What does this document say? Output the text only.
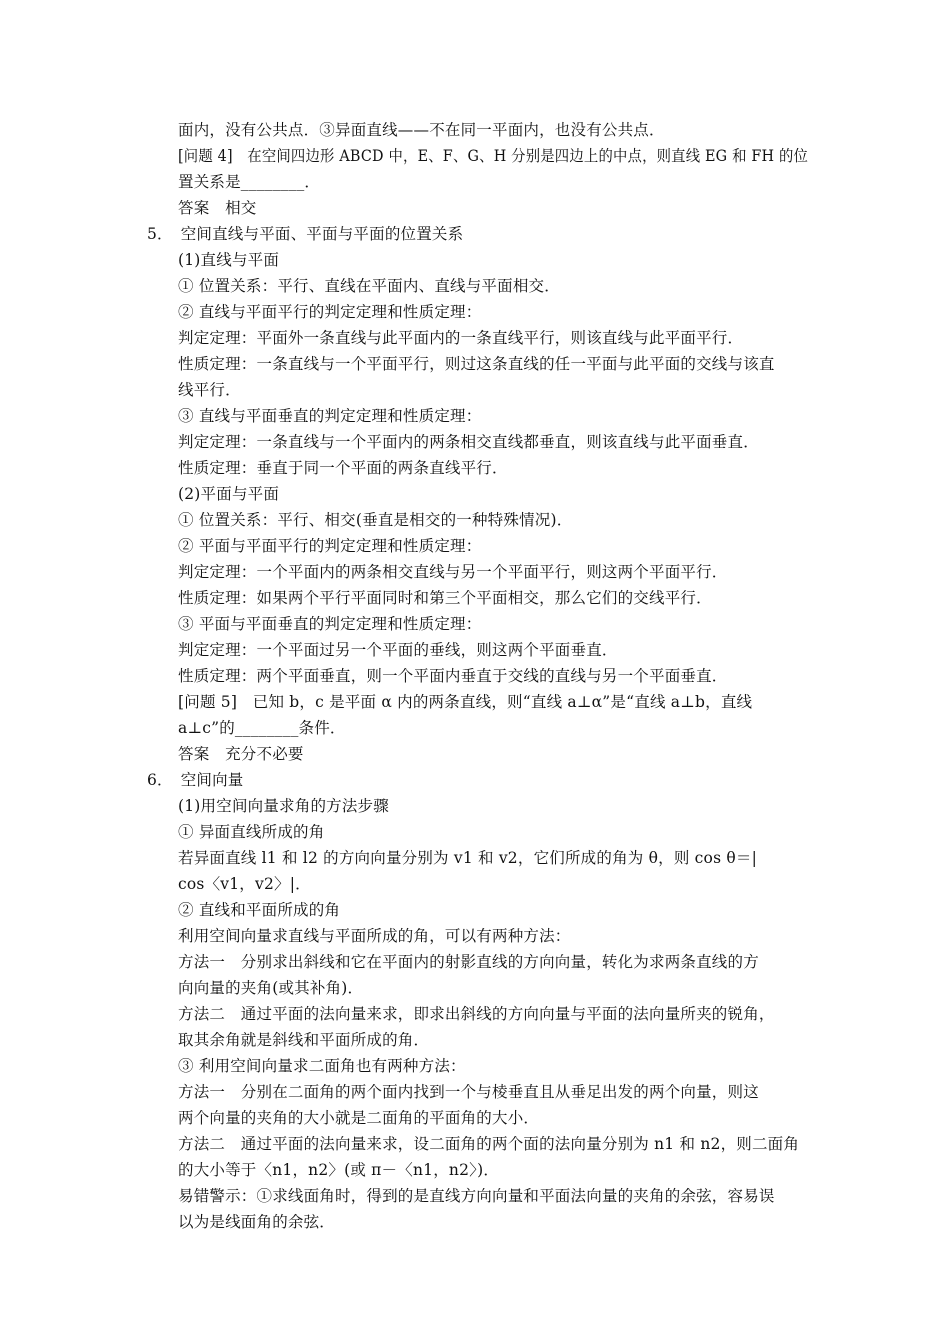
面内，没有公共点．③异面直线——不在同一平面内，也没有公共点．
[问题 4]　在空间四边形 ABCD 中，E、F、G、H 分别是四边上的中点，则直线 EG 和 FH 的位
置关系是________．
答案　相交
5．　空间直线与平面、平面与平面的位置关系
(1)直线与平面
① 位置关系：平行、直线在平面内、直线与平面相交．
② 直线与平面平行的判定定理和性质定理：
判定定理：平面外一条直线与此平面内的一条直线平行，则该直线与此平面平行．
性质定理：一条直线与一个平面平行，则过这条直线的任一平面与此平面的交线与该直
线平行．
③ 直线与平面垂直的判定定理和性质定理：
判定定理：一条直线与一个平面内的两条相交直线都垂直，则该直线与此平面垂直．
性质定理：垂直于同一个平面的两条直线平行．
(2)平面与平面
① 位置关系：平行、相交(垂直是相交的一种特殊情况)．
② 平面与平面平行的判定定理和性质定理：
判定定理：一个平面内的两条相交直线与另一个平面平行，则这两个平面平行．
性质定理：如果两个平行平面同时和第三个平面相交，那么它们的交线平行．
③ 平面与平面垂直的判定定理和性质定理：
判定定理：一个平面过另一个平面的垂线，则这两个平面垂直．
性质定理：两个平面垂直，则一个平面内垂直于交线的直线与另一个平面垂直．
[问题 5]　已知 b，c 是平面 α 内的两条直线，则“直线 a⊥α”是“直线 a⊥b，直线
a⊥c”的________条件．
答案　充分不必要
6．　空间向量
(1)用空间向量求角的方法步骤
① 异面直线所成的角
若异面直线 l1 和 l2 的方向向量分别为 v1 和 v2，它们所成的角为 θ，则 cos θ＝|
cos〈v1，v2〉|．
② 直线和平面所成的角
利用空间向量求直线与平面所成的角，可以有两种方法：
方法一　分别求出斜线和它在平面内的射影直线的方向向量，转化为求两条直线的方
向向量的夹角(或其补角)．
方法二　通过平面的法向量来求，即求出斜线的方向向量与平面的法向量所夹的锐角，
取其余角就是斜线和平面所成的角．
③ 利用空间向量求二面角也有两种方法：
方法一　分别在二面角的两个面内找到一个与棱垂直且从垂足出发的两个向量，则这
两个向量的夹角的大小就是二面角的平面角的大小．
方法二　通过平面的法向量来求，设二面角的两个面的法向量分别为 n1 和 n2，则二面角
的大小等于〈n1，n2〉(或 π－〈n1，n2〉)．
易错警示：①求线面角时，得到的是直线方向向量和平面法向量的夹角的余弦，容易误
以为是线面角的余弦．
